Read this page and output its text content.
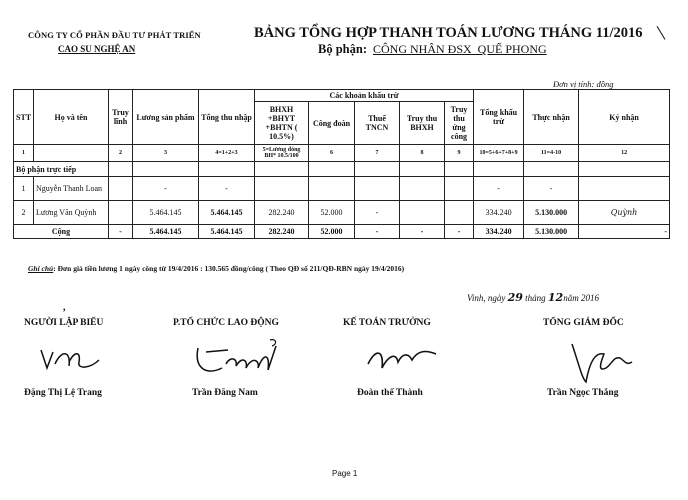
CÔNG TY CỔ PHẦN ĐẦU TƯ PHÁT TRIỂN
CAO SU NGHỆ AN
BẢNG TỔNG HỢP THANH TOÁN LƯƠNG THÁNG 11/2016
Bộ phận: CÔNG NHÂN ĐSX_QUẾ PHONG
\
Đơn vị tính: đồng
STT	Họ và tên	Truy lĩnh	Lương sản phẩm	Tổng thu nhập	Các khoản khấu trừ					Tổng khấu trừ	Thực nhận	Ký nhận
					BHXH +BHYT +BHTN ( 10.5%)	Công đoàn	Thuế TNCN	Truy thu BHXH	Truy thu ứng công			
1		2	3	4=1+2+3	5=Lương đóng BH* 10.5/100	6	7	8	9	10=5+6+7+8+9	11=4-10	12
Bộ phận trực tiếp												
1	Nguyễn Thanh Loan		-	-						-	-	
2	Lương Văn Quỳnh		5.464.145	5.464.145	282.240	52.000	-			334.240	5.130.000	Quỳnh
Cộng		-	5.464.145	5.464.145	282.240	52.000	-	-	-	334.240	5.130.000	-
Ghi chú: Đơn giá tiền lương 1 ngày công từ 19/4/2016 : 130.565 đồng/công ( Theo QĐ số 211/QĐ-RBN ngày 19/4/2016)
Vinh, ngày 29 tháng 12năm 2016
,
NGƯỜI LẬP BIỂU	P.TỔ CHỨC LAO ĐỘNG	KẾ TOÁN TRƯỞNG	TỔNG GIÁM ĐỐC
Đặng Thị Lệ Trang	Trần Đăng Nam	Đoàn thế Thành	Trần Ngọc Thắng
Page 1
